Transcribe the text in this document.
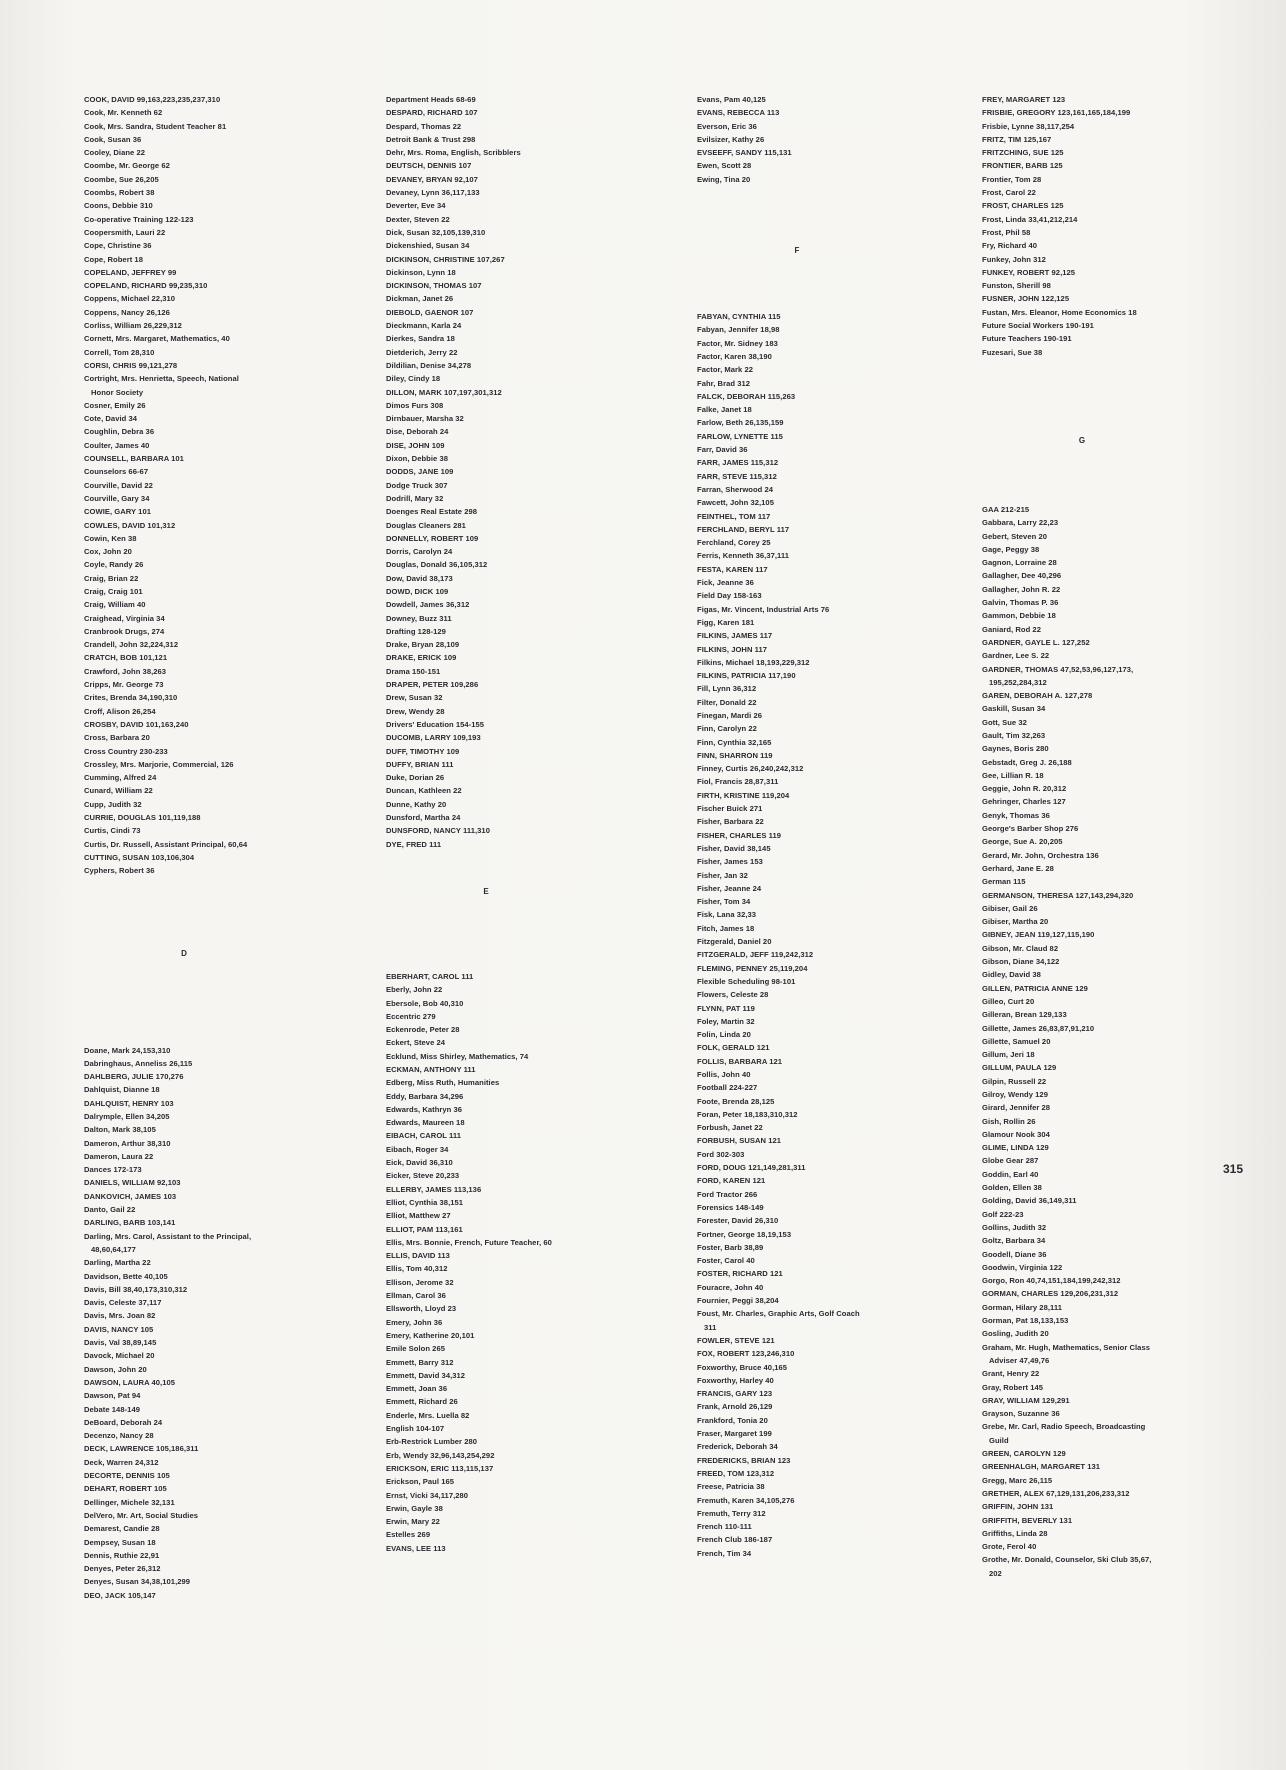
COOK, DAVID 99,163,223,235,237,310
Cook, Mr. Kenneth 62
Cook, Mrs. Sandra, Student Teacher 81
Cook, Susan 36
Cooley, Diane 22
Coombe, Mr. George 62
Coombe, Sue 26,205
Coombs, Robert 38
Coons, Debbie 310
Co-operative Training 122-123
Coopersmith, Lauri 22
Cope, Christine 36
Cope, Robert 18
COPELAND, JEFFREY 99
COPELAND, RICHARD 99,235,310
Coppens, Michael 22,310
Coppens, Nancy 26,126
Corliss, William 26,229,312
Cornett, Mrs. Margaret, Mathematics, 40
Correll, Tom 28,310
CORSI, CHRIS 99,121,278
Cortright, Mrs. Henrietta, Speech, National
Honor Society
Cosner, Emily 26
Cote, David 34
Coughlin, Debra 36
Coulter, James 40
COUNSELL, BARBARA 101
Counselors 66-67
Courville, David 22
Courville, Gary 34
COWIE, GARY 101
COWLES, DAVID 101,312
Cowin, Ken 38
Cox, John 20
Coyle, Randy 26
Craig, Brian 22
Craig, Craig 101
Craig, William 40
Craighead, Virginia 34
Cranbrook Drugs, 274
Crandell, John 32,224,312
CRATCH, BOB 101,121
Crawford, John 38,263
Cripps, Mr. George 73
Crites, Brenda 34,190,310
Croff, Alison 26,254
CROSBY, DAVID 101,163,240
Cross, Barbara 20
Cross Country 230-233
Crossley, Mrs. Marjorie, Commercial, 126
Cumming, Alfred 24
Cunard, William 22
Cupp, Judith 32
CURRIE, DOUGLAS 101,119,188
Curtis, Cindi 73
Curtis, Dr. Russell, Assistant Principal, 60,64
CUTTING, SUSAN 103,106,304
Cyphers, Robert 36
D
Doane, Mark 24,153,310
Dabringhaus, Anneliss 26,115
DAHLBERG, JULIE 170,276
Dahlquist, Dianne 18
DAHLQUIST, HENRY 103
Dalrymple, Ellen 34,205
Dalton, Mark 38,105
Dameron, Arthur 38,310
Dameron, Laura 22
Dances 172-173
DANIELS, WILLIAM 92,103
DANKOVICH, JAMES 103
Danto, Gail 22
DARLING, BARB 103,141
Darling, Mrs. Carol, Assistant to the Principal,
48,60,64,177
Darling, Martha 22
Davidson, Bette 40,105
Davis, Bill 38,40,173,310,312
Davis, Celeste 37,117
Davis, Mrs. Joan 82
DAVIS, NANCY 105
Davis, Val 38,89,145
Davock, Michael 20
Dawson, John 20
DAWSON, LAURA 40,105
Dawson, Pat 94
Debate 148-149
DeBoard, Deborah 24
Decenzo, Nancy 28
DECK, LAWRENCE 105,186,311
Deck, Warren 24,312
DECORTE, DENNIS 105
DEHART, ROBERT 105
Dellinger, Michele 32,131
DelVero, Mr. Art, Social Studies
Demarest, Candie 28
Dempsey, Susan 18
Dennis, Ruthie 22,91
Denyes, Peter 26,312
Denyes, Susan 34,38,101,299
DEO, JACK 105,147
Department Heads 68-69
DESPARD, RICHARD 107
Despard, Thomas 22
Detroit Bank & Trust 298
Dehr, Mrs. Roma, English, Scribblers
DEUTSCH, DENNIS 107
DEVANEY, BRYAN 92,107
Devaney, Lynn 36,117,133
Deverter, Eve 34
Dexter, Steven 22
Dick, Susan 32,105,139,310
Dickenshied, Susan 34
DICKINSON, CHRISTINE 107,267
Dickinson, Lynn 18
DICKINSON, THOMAS 107
Dickman, Janet 26
DIEBOLD, GAENOR 107
Dieckmann, Karla 24
Dierkes, Sandra 18
Dietderich, Jerry 22
Dildilian, Denise 34,278
Diley, Cindy 18
DILLON, MARK 107,197,301,312
Dimos Furs 308
Dirnbauer, Marsha 32
Dise, Deborah 24
DISE, JOHN 109
Dixon, Debbie 38
DODDS, JANE 109
Dodge Truck 307
Dodrill, Mary 32
Doenges Real Estate 298
Douglas Cleaners 281
DONNELLY, ROBERT 109
Dorris, Carolyn 24
Douglas, Donald 36,105,312
Dow, David 38,173
DOWD, DICK 109
Dowdell, James 36,312
Downey, Buzz 311
Drafting 128-129
Drake, Bryan 28,109
DRAKE, ERICK 109
Drama 150-151
DRAPER, PETER 109,286
Drew, Susan 32
Drew, Wendy 28
Drivers' Education 154-155
DUCOMB, LARRY 109,193
DUFF, TIMOTHY 109
DUFFY, BRIAN 111
Duke, Dorian 26
Duncan, Kathleen 22
Dunne, Kathy 20
Dunsford, Martha 24
DUNSFORD, NANCY 111,310
DYE, FRED 111
E
EBERHART, CAROL 111
Eberly, John 22
Ebersole, Bob 40,310
Eccentric 279
Eckenrode, Peter 28
Eckert, Steve 24
Ecklund, Miss Shirley, Mathematics, 74
ECKMAN, ANTHONY 111
Edberg, Miss Ruth, Humanities
Eddy, Barbara 34,296
Edwards, Kathryn 36
Edwards, Maureen 18
EIBACH, CAROL 111
Eibach, Roger 34
Eick, David 36,310
Eicker, Steve 20,233
ELLERBY, JAMES 113,136
Elliot, Cynthia 38,151
Elliot, Matthew 27
ELLIOT, PAM 113,161
Ellis, Mrs. Bonnie, French, Future Teacher, 60
ELLIS, DAVID 113
Ellis, Tom 40,312
Ellison, Jerome 32
Ellman, Carol 36
Ellsworth, Lloyd 23
Emery, John 36
Emery, Katherine 20,101
Emile Solon 265
Emmett, Barry 312
Emmett, David 34,312
Emmett, Joan 36
Emmett, Richard 26
Enderle, Mrs. Luella 82
English 104-107
Erb-Restrick Lumber 280
Erb, Wendy 32,96,143,254,292
ERICKSON, ERIC 113,115,137
Erickson, Paul 165
Ernst, Vicki 34,117,280
Erwin, Gayle 38
Erwin, Mary 22
Estelles 269
EVANS, LEE 113
Evans, Pam 40,125
EVANS, REBECCA 113
Everson, Eric 36
Evilsizer, Kathy 26
EVSEEFF, SANDY 115,131
Ewen, Scott 28
Ewing, Tina 20
F
FABYAN, CYNTHIA 115
Fabyan, Jennifer 18,98
Factor, Mr. Sidney 183
Factor, Karen 38,190
Factor, Mark 22
Fahr, Brad 312
FALCK, DEBORAH 115,263
Falke, Janet 18
Farlow, Beth 26,135,159
FARLOW, LYNETTE 115
Farr, David 36
FARR, JAMES 115,312
FARR, STEVE 115,312
Farran, Sherwood 24
Fawcett, John 32,105
FEINTHEL, TOM 117
FERCHLAND, BERYL 117
Ferchland, Corey 25
Ferris, Kenneth 36,37,111
FESTA, KAREN 117
Fick, Jeanne 36
Field Day 158-163
Figas, Mr. Vincent, Industrial Arts 76
Figg, Karen 181
FILKINS, JAMES 117
FILKINS, JOHN 117
Filkins, Michael 18,193,229,312
FILKINS, PATRICIA 117,190
Fill, Lynn 36,312
Filter, Donald 22
Finegan, Mardi 26
Finn, Carolyn 22
Finn, Cynthia 32,165
FINN, SHARRON 119
Finney, Curtis 26,240,242,312
Fiol, Francis 28,87,311
FIRTH, KRISTINE 119,204
Fischer Buick 271
Fisher, Barbara 22
FISHER, CHARLES 119
Fisher, David 38,145
Fisher, James 153
Fisher, Jan 32
Fisher, Jeanne 24
Fisher, Tom 34
Fisk, Lana 32,33
Fitch, James 18
Fitzgerald, Daniel 20
FITZGERALD, JEFF 119,242,312
FLEMING, PENNEY 25,119,204
Flexible Scheduling 98-101
Flowers, Celeste 28
FLYNN, PAT 119
Foley, Martin 32
Folin, Linda 20
FOLK, GERALD 121
FOLLIS, BARBARA 121
Follis, John 40
Football 224-227
Foote, Brenda 28,125
Foran, Peter 18,183,310,312
Forbush, Janet 22
FORBUSH, SUSAN 121
Ford 302-303
FORD, DOUG 121,149,281,311
FORD, KAREN 121
Ford Tractor 266
Forensics 148-149
Forester, David 26,310
Fortner, George 18,19,153
Foster, Barb 38,89
Foster, Carol 40
FOSTER, RICHARD 121
Fouracre, John 40
Fournier, Peggi 38,204
Foust, Mr. Charles, Graphic Arts, Golf Coach
311
FOWLER, STEVE 121
FOX, ROBERT 123,246,310
Foxworthy, Bruce 40,165
Foxworthy, Harley 40
FRANCIS, GARY 123
Frank, Arnold 26,129
Frankford, Tonia 20
Fraser, Margaret 199
Frederick, Deborah 34
FREDERICKS, BRIAN 123
FREED, TOM 123,312
Freese, Patricia 38
Fremuth, Karen 34,105,276
Fremuth, Terry 312
French 110-111
French Club 186-187
French, Tim 34
FREY, MARGARET 123
FRISBIE, GREGORY 123,161,165,184,199
Frisbie, Lynne 38,117,254
FRITZ, TIM 125,167
FRITZCHING, SUE 125
FRONTIER, BARB 125
Frontier, Tom 28
Frost, Carol 22
FROST, CHARLES 125
Frost, Linda 33,41,212,214
Frost, Phil 58
Fry, Richard 40
Funkey, John 312
FUNKEY, ROBERT 92,125
Funston, Sherill 98
FUSNER, JOHN 122,125
Fustan, Mrs. Eleanor, Home Economics 18
Future Social Workers 190-191
Future Teachers 190-191
Fuzesari, Sue 38
G
GAA 212-215
Gabbara, Larry 22,23
Gebert, Steven 20
Gage, Peggy 38
Gagnon, Lorraine 28
Gallagher, Dee 40,296
Gallagher, John R. 22
Galvin, Thomas P. 36
Gammon, Debbie 18
Ganiard, Rod 22
GARDNER, GAYLE L. 127,252
Gardner, Lee S. 22
GARDNER, THOMAS 47,52,53,96,127,173,
195,252,284,312
GAREN, DEBORAH A. 127,278
Gaskill, Susan 34
Gott, Sue 32
Gault, Tim 32,263
Gaynes, Boris 280
Gebstadt, Greg J. 26,188
Gee, Lillian R. 18
Geggie, John R. 20,312
Gehringer, Charles 127
Genyk, Thomas 36
George's Barber Shop 276
George, Sue A. 20,205
Gerard, Mr. John, Orchestra 136
Gerhard, Jane E. 28
German 115
GERMANSON, THERESA 127,143,294,320
Gibiser, Gail 26
Gibiser, Martha 20
GIBNEY, JEAN 119,127,115,190
Gibson, Mr. Claud 82
Gibson, Diane 34,122
Gidley, David 38
GILLEN, PATRICIA ANNE 129
Gilleo, Curt 20
Gilleran, Brean 129,133
Gillette, James 26,83,87,91,210
Gillette, Samuel 20
Gillum, Jeri 18
GILLUM, PAULA 129
Gilpin, Russell 22
Gilroy, Wendy 129
Girard, Jennifer 28
Gish, Rollin 26
Glamour Nook 304
GLIME, LINDA 129
Globe Gear 287
Goddin, Earl 40
Golden, Ellen 38
Golding, David 36,149,311
Golf 222-23
Gollins, Judith 32
Goltz, Barbara 34
Goodell, Diane 36
Goodwin, Virginia 122
Gorgo, Ron 40,74,151,184,199,242,312
GORMAN, CHARLES 129,206,231,312
Gorman, Hilary 28,111
Gorman, Pat 18,133,153
Gosling, Judith 20
Graham, Mr. Hugh, Mathematics, Senior Class
Adviser 47,49,76
Grant, Henry 22
Gray, Robert 145
GRAY, WILLIAM 129,291
Grayson, Suzanne 36
Grebe, Mr. Carl, Radio Speech, Broadcasting
Guild
GREEN, CAROLYN 129
GREENHALGH, MARGARET 131
Gregg, Marc 26,115
GRETHER, ALEX 67,129,131,206,233,312
GRIFFIN, JOHN 131
GRIFFITH, BEVERLY 131
Griffiths, Linda 28
Grote, Ferol 40
Grothe, Mr. Donald, Counselor, Ski Club 35,67,
202
315
